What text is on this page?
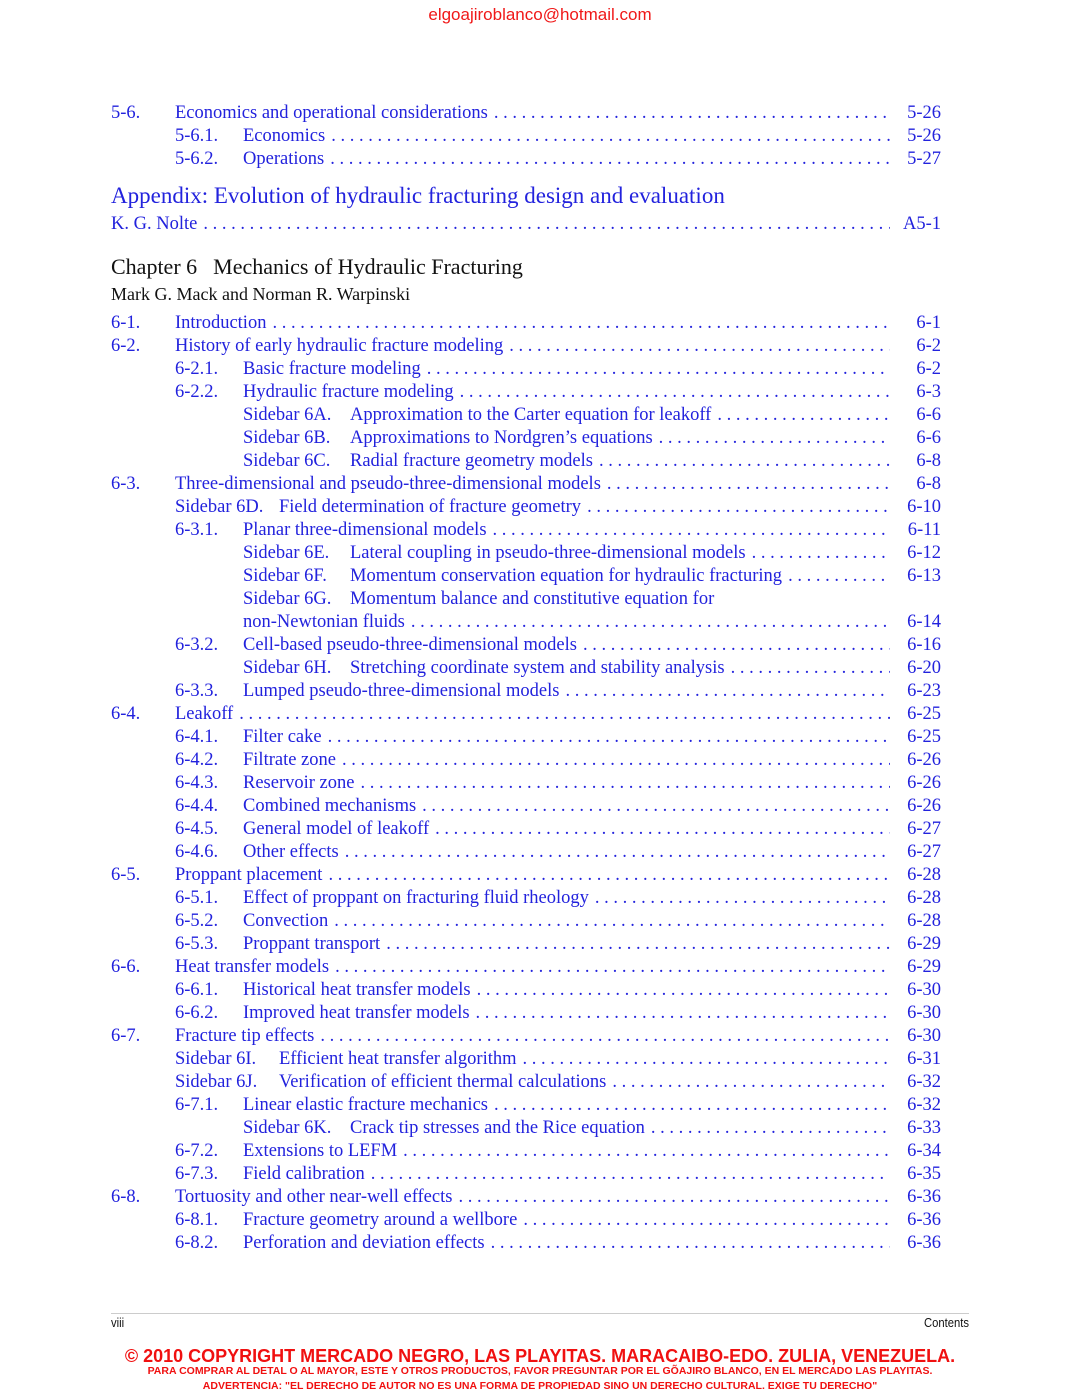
elgoajiroblanco@hotmail.com
5-6. Economics and operational considerations . . .	5-26
5-6.1. Economics . . .	5-26
5-6.2. Operations . . .	5-27
Appendix: Evolution of hydraulic fracturing design and evaluation
K. G. Nolte . . .	A5-1
Chapter 6 Mechanics of Hydraulic Fracturing
Mark G. Mack and Norman R. Warpinski
6-1. Introduction . . .	6-1
6-2. History of early hydraulic fracture modeling . . .	6-2
6-2.1. Basic fracture modeling . . .	6-2
6-2.2. Hydraulic fracture modeling . . .	6-3
Sidebar 6A. Approximation to the Carter equation for leakoff . . .	6-6
Sidebar 6B. Approximations to Nordgren’s equations . . .	6-6
Sidebar 6C. Radial fracture geometry models . . .	6-8
6-3. Three-dimensional and pseudo-three-dimensional models . . .	6-8
Sidebar 6D. Field determination of fracture geometry . . .	6-10
6-3.1. Planar three-dimensional models . . .	6-11
Sidebar 6E. Lateral coupling in pseudo-three-dimensional models . . .	6-12
Sidebar 6F. Momentum conservation equation for hydraulic fracturing . . .	6-13
Sidebar 6G. Momentum balance and constitutive equation for
non-Newtonian fluids . . .	6-14
6-3.2. Cell-based pseudo-three-dimensional models . . .	6-16
Sidebar 6H. Stretching coordinate system and stability analysis . . .	6-20
6-3.3. Lumped pseudo-three-dimensional models . . .	6-23
6-4. Leakoff . . .	6-25
6-4.1. Filter cake . . .	6-25
6-4.2. Filtrate zone . . .	6-26
6-4.3. Reservoir zone . . .	6-26
6-4.4. Combined mechanisms . . .	6-26
6-4.5. General model of leakoff . . .	6-27
6-4.6. Other effects . . .	6-27
6-5. Proppant placement . . .	6-28
6-5.1. Effect of proppant on fracturing fluid rheology . . .	6-28
6-5.2. Convection . . .	6-28
6-5.3. Proppant transport . . .	6-29
6-6. Heat transfer models . . .	6-29
6-6.1. Historical heat transfer models . . .	6-30
6-6.2. Improved heat transfer models . . .	6-30
6-7. Fracture tip effects . . .	6-30
Sidebar 6I. Efficient heat transfer algorithm . . .	6-31
Sidebar 6J. Verification of efficient thermal calculations . . .	6-32
6-7.1. Linear elastic fracture mechanics . . .	6-32
Sidebar 6K. Crack tip stresses and the Rice equation . . .	6-33
6-7.2. Extensions to LEFM . . .	6-34
6-7.3. Field calibration . . .	6-35
6-8. Tortuosity and other near-well effects . . .	6-36
6-8.1. Fracture geometry around a wellbore . . .	6-36
6-8.2. Perforation and deviation effects . . .	6-36
viii	Contents
© 2010 COPYRIGHT MERCADO NEGRO, LAS PLAYITAS. MARACAIBO-EDO. ZULIA, VENEZUELA.
PARA COMPRAR AL DETAL O AL MAYOR, ESTE Y OTROS PRODUCTOS, FAVOR PREGUNTAR POR EL GÕAJIRO BLANCO, EN EL MERCADO LAS PLAYITAS.
ADVERTENCIA: "EL DERECHO DE AUTOR NO ES UNA FORMA DE PROPIEDAD SINO UN DERECHO CULTURAL. EXIGE TU DERECHO"
